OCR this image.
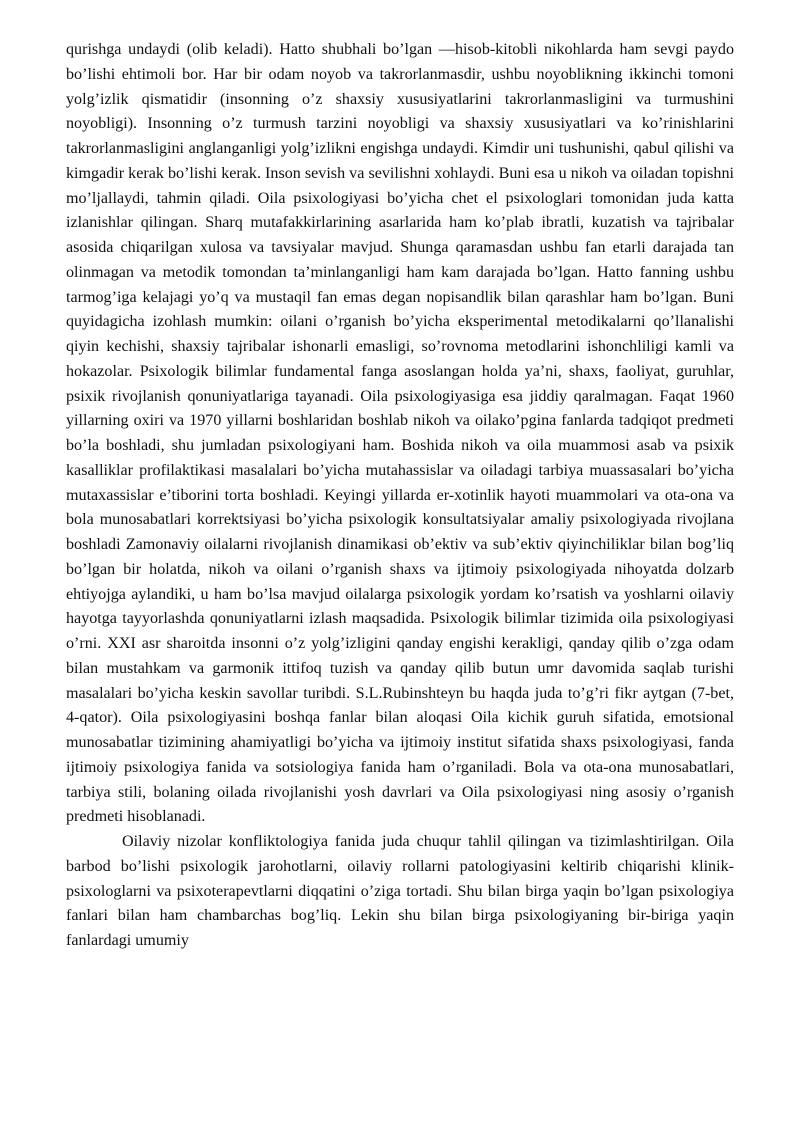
qurishga undaydi (olib keladi). Hatto shubhali bo’lgan —hisob-kitobli nikohlarda ham sevgi paydo bo’lishi ehtimoli bor. Har bir odam noyob va takrorlanmasdir, ushbu noyoblikning ikkinchi tomoni yolg’izlik qismatidir (insonning o’z shaxsiy xususiyatlarini takrorlanmasligini va turmushini noyobligi). Insonning o’z turmush tarzini noyobligi va shaxsiy xususiyatlari va ko’rinishlarini takrorlanmasligini anglanganligi yolg’izlikni engishga undaydi. Kimdir uni tushunishi, qabul qilishi va kimgadir kerak bo’lishi kerak. Inson sevish va sevilishni xohlaydi. Buni esa u nikoh va oiladan topishni mo’ljallaydi, tahmin qiladi. Oila psixologiyasi bo’yicha chet el psixologlari tomonidan juda katta izlanishlar qilingan. Sharq mutafakkirlarining asarlarida ham ko’plab ibratli, kuzatish va tajribalar asosida chiqarilgan xulosa va tavsiyalar mavjud. Shunga qaramasdan ushbu fan etarli darajada tan olinmagan va metodik tomondan ta’minlanganligi ham kam darajada bo’lgan. Hatto fanning ushbu tarmog’iga kelajagi yo’q va mustaqil fan emas degan nopisandlik bilan qarashlar ham bo’lgan. Buni quyidagicha izohlash mumkin: oilani o’rganish bo’yicha eksperimental metodikalarni qo’llanalishi qiyin kechishi, shaxsiy tajribalar ishonarli emasligi, so’rovnoma metodlarini ishonchliligi kamli va hokazolar. Psixologik bilimlar fundamental fanga asoslangan holda ya’ni, shaxs, faoliyat, guruhlar, psixik rivojlanish qonuniyatlariga tayanadi. Oila psixologiyasiga esa jiddiy qaralmagan. Faqat 1960 yillarning oxiri va 1970 yillarni boshlaridan boshlab nikoh va oilako’pgina fanlarda tadqiqot predmeti bo’la boshladi, shu jumladan psixologiyani ham. Boshida nikoh va oila muammosi asab va psixik kasalliklar profilaktikasi masalalari bo’yicha mutahassislar va oiladagi tarbiya muassasalari bo’yicha mutaxassislar e’tiborini torta boshladi. Keyingi yillarda er-xotinlik hayoti muammolari va ota-ona va bola munosabatlari korrektsiyasi bo’yicha psixologik konsultatsiyalar amaliy psixologiyada rivojlana boshladi Zamonaviy oilalarni rivojlanish dinamikasi ob’ektiv va sub’ektiv qiyinchiliklar bilan bog’liq bo’lgan bir holatda, nikoh va oilani o’rganish shaxs va ijtimoiy psixologiyada nihoyatda dolzarb ehtiyojga aylandiki, u ham bo’lsa mavjud oilalarga psixologik yordam ko’rsatish va yoshlarni oilaviy hayotga tayyorlashda qonuniyatlarni izlash maqsadida. Psixologik bilimlar tizimida oila psixologiyasi o’rni. XXI asr sharoitda insonni o’z yolg’izligini qanday engishi kerakligi, qanday qilib o’zga odam bilan mustahkam va garmonik ittifoq tuzish va qanday qilib butun umr davomida saqlab turishi masalalari bo’yicha keskin savollar turibdi. S.L.Rubinshteyn bu haqda juda to’g’ri fikr aytgan (7-bet, 4-qator). Oila psixologiyasini boshqa fanlar bilan aloqasi Oila kichik guruh sifatida, emotsional munosabatlar tizimining ahamiyatligi bo’yicha va ijtimoiy institut sifatida shaxs psixologiyasi, fanda ijtimoiy psixologiya fanida va sotsiologiya fanida ham o’rganiladi. Bola va ota-ona munosabatlari, tarbiya stili, bolaning oilada rivojlanishi yosh davrlari va Oila psixologiyasi ning asosiy o’rganish predmeti hisoblanadi.

Oilaviy nizolar konfliktologiya fanida juda chuqur tahlil qilingan va tizimlashtirilgan. Oila barbod bo’lishi psixologik jarohotlarni, oilaviy rollarni patologiyasini keltirib chiqarishi klinik-psixologlarni va psixoterapevtlarni diqqatini o’ziga tortadi. Shu bilan birga yaqin bo’lgan psixologiya fanlari bilan ham chambarchas bog’liq. Lekin shu bilan birga psixologiyaning bir-biriga yaqin fanlardagi umumiy
